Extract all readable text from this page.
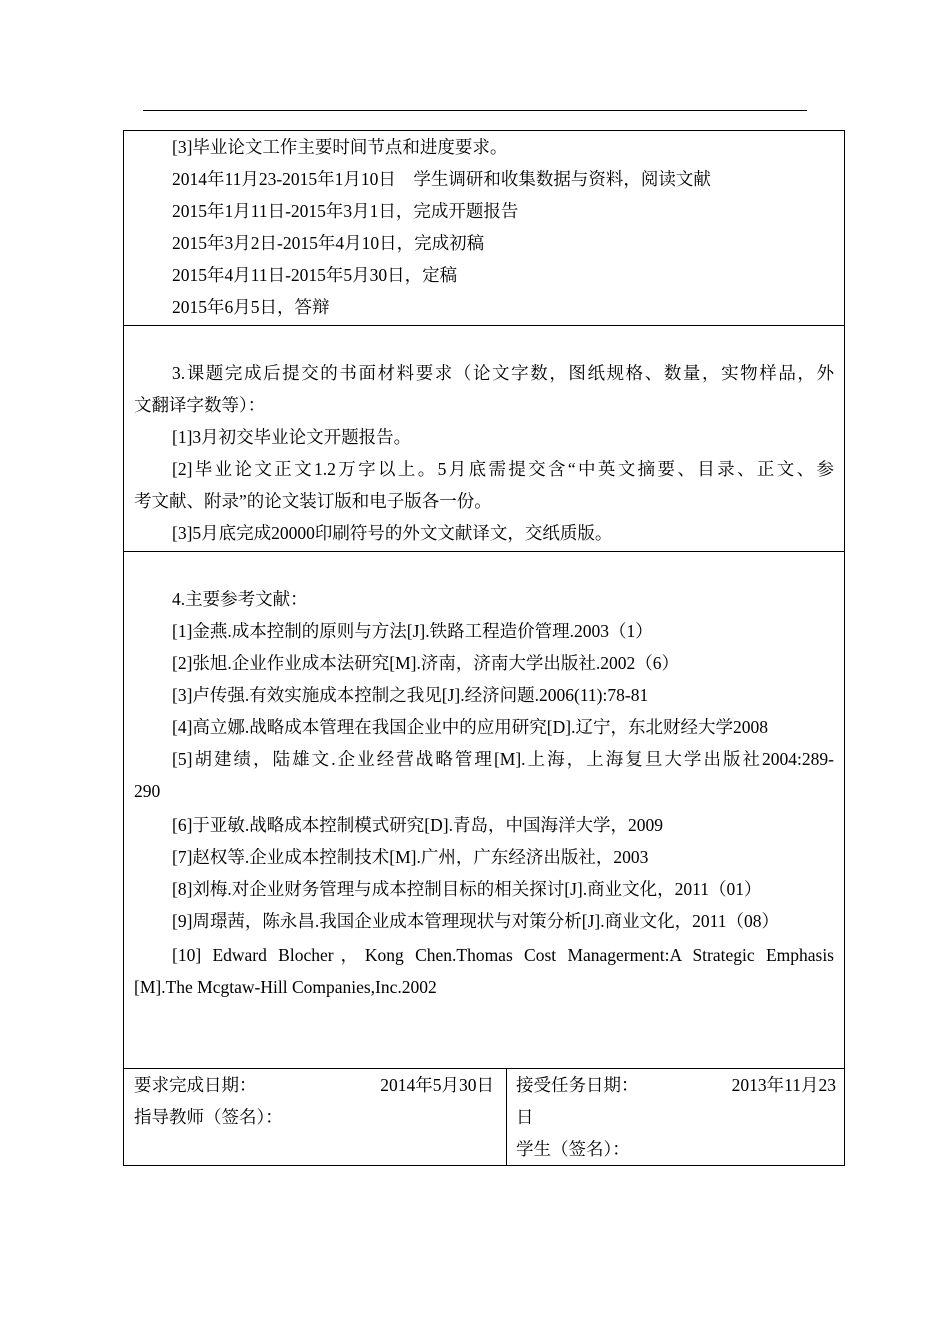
[3]毕业论文工作主要时间节点和进度要求。
2014年11月23-2015年1月10日　学生调研和收集数据与资料，阅读文献
2015年1月11日-2015年3月1日，完成开题报告
2015年3月2日-2015年4月10日，完成初稿
2015年4月11日-2015年5月30日，定稿
2015年6月5日，答辩
3.课题完成后提交的书面材料要求（论文字数，图纸规格、数量，实物样品，外
文翻译字数等）：
[1]3月初交毕业论文开题报告。
[2]毕业论文正文1.2万字以上。5月底需提交含“中英文摘要、目录、正文、参
考文献、附录”的论文装订版和电子版各一份。
[3]5月底完成20000印刷符号的外文文献译文，交纸质版。
4.主要参考文献：
[1]金燕.成本控制的原则与方法[J].铁路工程造价管理.2003（1）
[2]张旭.企业作业成本法研究[M].济南，济南大学出版社.2002（6）
[3]卢传强.有效实施成本控制之我见[J].经济问题.2006(11):78-81
[4]高立娜.战略成本管理在我国企业中的应用研究[D].辽宁，东北财经大学2008
[5]胡建绩，陆雄文.企业经营战略管理[M].上海，上海复旦大学出版社2004:289-
290
[6]于亚敏.战略成本控制模式研究[D].青岛，中国海洋大学，2009
[7]赵权等.企业成本控制技术[M].广州，广东经济出版社，2003
[8]刘梅.对企业财务管理与成本控制目标的相关探讨[J].商业文化，2011（01）
[9]周璟茜，陈永昌.我国企业成本管理现状与对策分析[J].商业文化，2011（08）
[10] Edward Blocher，Kong Chen.Thomas Cost Managerment:A Strategic Emphasis
[M].The Mcgtaw-Hill Companies,Inc.2002
要求完成日期：	2014年5月30日
指导教师（签名）：
接受任务日期：	2013年11月23
日
学生（签名）：
